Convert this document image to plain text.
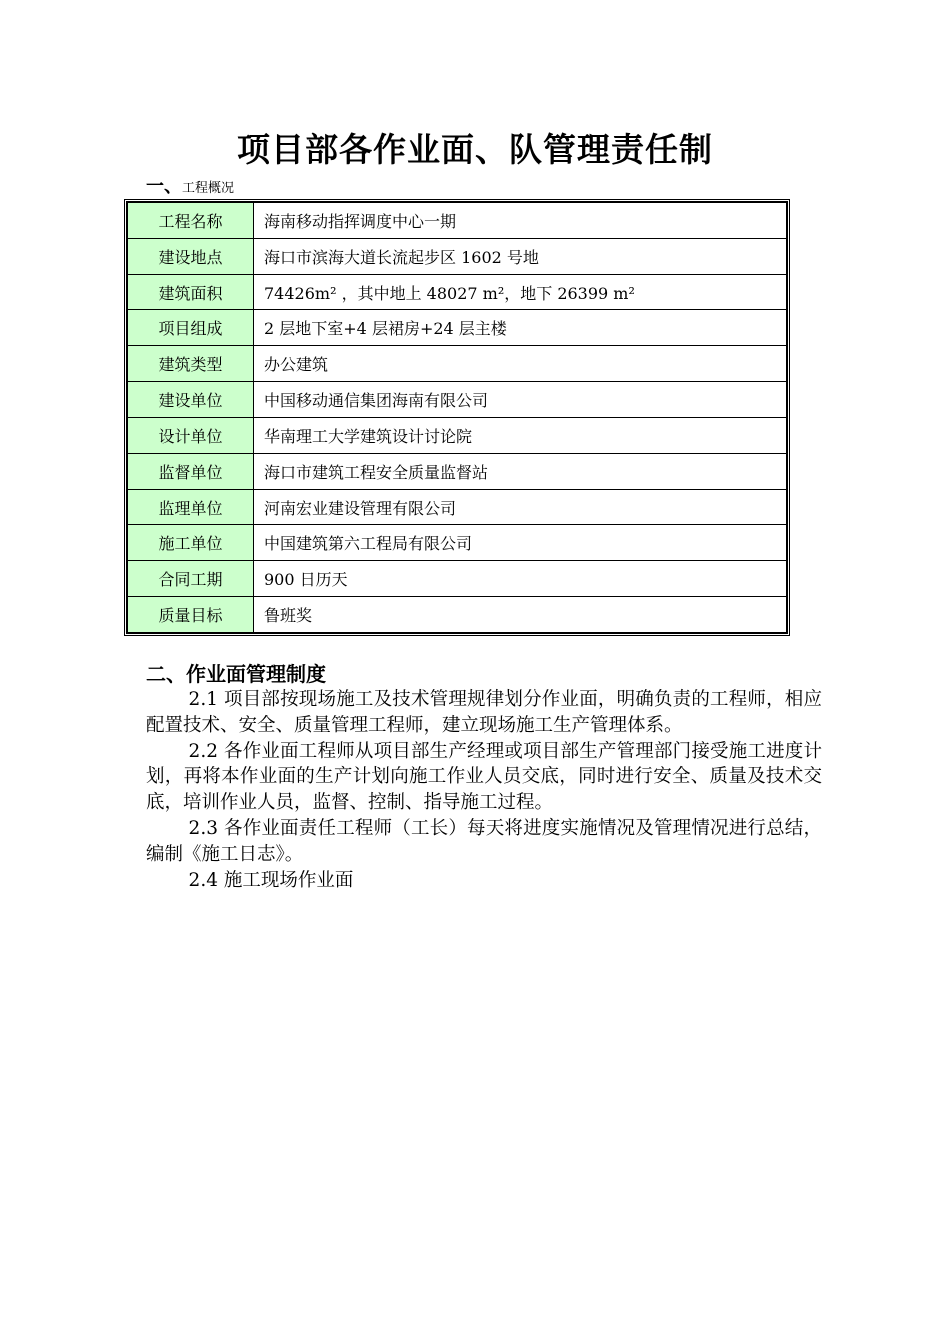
项目部各作业面、队管理责任制
一、工程概况
工程名称	海南移动指挥调度中心一期
建设地点	海口市滨海大道长流起步区 1602 号地
建筑面积	74426m² ，其中地上 48027 m²，地下 26399 m²
项目组成	2 层地下室+4 层裙房+24 层主楼
建筑类型	办公建筑
建设单位	中国移动通信集团海南有限公司
设计单位	华南理工大学建筑设计讨论院
监督单位	海口市建筑工程安全质量监督站
监理单位	河南宏业建设管理有限公司
施工单位	中国建筑第六工程局有限公司
合同工期	900 日历天
质量目标	鲁班奖
二、作业面管理制度

2.1 项目部按现场施工及技术管理规律划分作业面，明确负责的工程师，相应配置技术、安全、质量管理工程师，建立现场施工生产管理体系。

2.2 各作业面工程师从项目部生产经理或项目部生产管理部门接受施工进度计划，再将本作业面的生产计划向施工作业人员交底，同时进行安全、质量及技术交底，培训作业人员，监督、控制、指导施工过程。

2.3 各作业面责任工程师（工长）每天将进度实施情况及管理情况进行总结，编制《施工日志》。

2.4 施工现场作业面
